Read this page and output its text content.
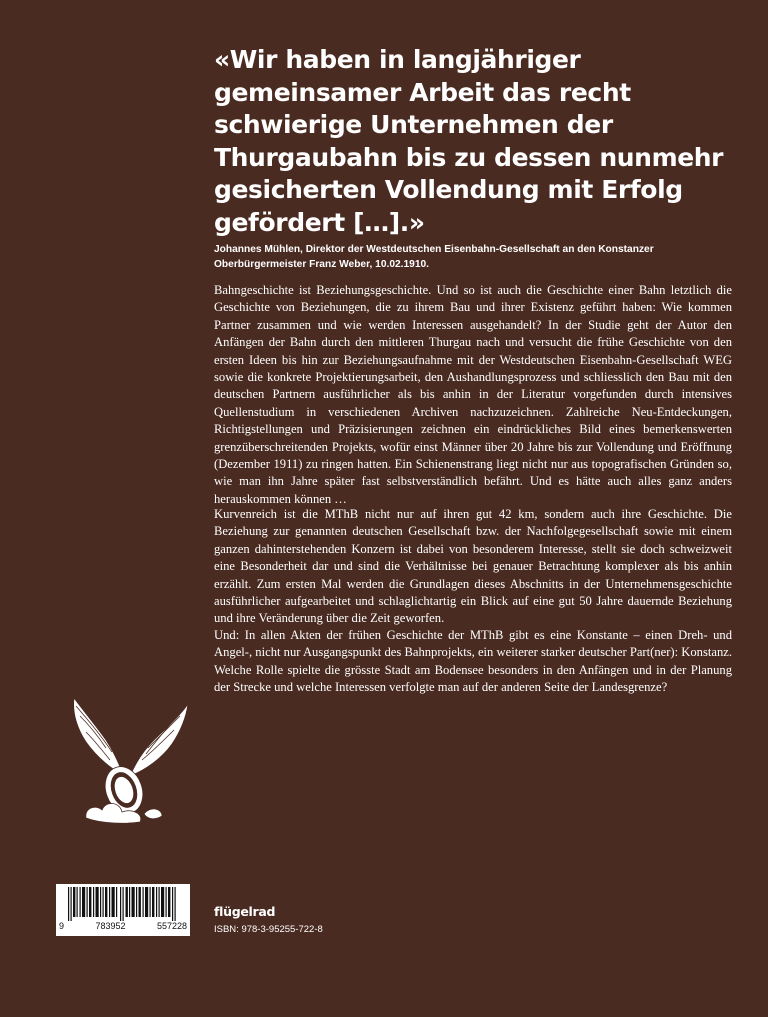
«Wir haben in langjähriger gemeinsamer Arbeit das recht schwierige Unternehmen der Thurgaubahn bis zu dessen nunmehr gesicherten Vollendung mit Erfolg gefördert […].»

Johannes Mühlen, Direktor der Westdeutschen Eisenbahn-Gesellschaft an den Konstanzer Oberbürgermeister Franz Weber, 10.02.1910.

Bahngeschichte ist Beziehungsgeschichte. Und so ist auch die Geschichte einer Bahn letztlich die Geschichte von Beziehungen, die zu ihrem Bau und ihrer Existenz geführt haben: Wie kommen Partner zusammen und wie werden Interessen ausgehandelt? In der Studie geht der Autor den Anfängen der Bahn durch den mittleren Thurgau nach und versucht die frühe Geschichte von den ersten Ideen bis hin zur Beziehungsaufnahme mit der Westdeutschen Eisenbahn-Gesellschaft WEG sowie die konkrete Projektierungsarbeit, den Aushandlungsprozess und schliesslich den Bau mit den deutschen Partnern ausführlicher als bis anhin in der Literatur vorgefunden durch intensives Quellenstudium in verschiedenen Archiven nachzuzeichnen. Zahlreiche Neu-Entdeckungen, Richtigstellungen und Präzisierungen zeichnen ein eindrückliches Bild eines bemerkenswerten grenzüberschreitenden Projekts, wofür einst Männer über 20 Jahre bis zur Vollendung und Eröffnung (Dezember 1911) zu ringen hatten. Ein Schienenstrang liegt nicht nur aus topografischen Gründen so, wie man ihn Jahre später fast selbstverständlich befährt. Und es hätte auch alles ganz anders herauskommen können …

Kurvenreich ist die MThB nicht nur auf ihren gut 42 km, sondern auch ihre Geschichte. Die Beziehung zur genannten deutschen Gesellschaft bzw. der Nachfolgegesellschaft sowie mit einem ganzen dahinterstehenden Konzern ist dabei von besonderem Interesse, stellt sie doch schweizweit eine Besonderheit dar und sind die Verhältnisse bei genauer Betrachtung komplexer als bis anhin erzählt. Zum ersten Mal werden die Grundlagen dieses Abschnitts in der Unternehmensgeschichte ausführlicher aufgearbeitet und schlaglichtartig ein Blick auf eine gut 50 Jahre dauernde Beziehung und ihre Veränderung über die Zeit geworfen.

Und: In allen Akten der frühen Geschichte der MThB gibt es eine Konstante – einen Dreh- und Angel-, nicht nur Ausgangspunkt des Bahnprojekts, ein weiterer starker deutscher Part(ner): Konstanz. Welche Rolle spielte die grösste Stadt am Bodensee besonders in den Anfängen und in der Planung der Strecke und welche Interessen verfolgte man auf der anderen Seite der Landesgrenze?

9	783952	557228
flügelrad
ISBN: 978-3-95255-722-8
